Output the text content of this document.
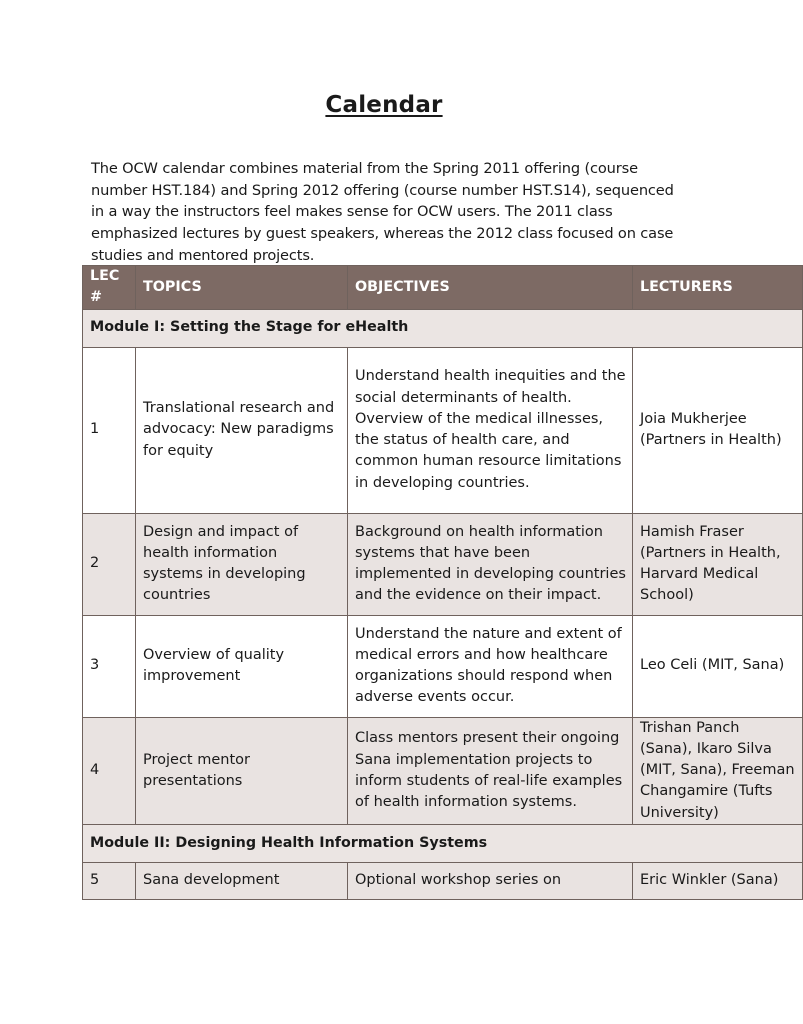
Calendar
The OCW calendar combines material from the Spring 2011 offering (course number HST.184) and Spring 2012 offering (course number HST.S14), sequenced in a way the instructors feel makes sense for OCW users. The 2011 class emphasized lectures by guest speakers, whereas the 2012 class focused on case studies and mentored projects.
LEC #	TOPICS	OBJECTIVES	LECTURERS
Module I: Setting the Stage for eHealth			
1	Translational research and advocacy: New paradigms for equity	Understand health inequities and the social determinants of health. Overview of the medical illnesses, the status of health care, and common human resource limitations in developing countries.	Joia Mukherjee (Partners in Health)
2	Design and impact of health information systems in developing countries	Background on health information systems that have been implemented in developing countries and the evidence on their impact.	Hamish Fraser (Partners in Health, Harvard Medical School)
3	Overview of quality improvement	Understand the nature and extent of medical errors and how healthcare organizations should respond when adverse events occur.	Leo Celi (MIT, Sana)
4	Project mentor presentations	Class mentors present their ongoing Sana implementation projects to inform students of real-life examples of health information systems.	Trishan Panch (Sana), Ikaro Silva (MIT, Sana), Freeman Changamire (Tufts University)
Module II: Designing Health Information Systems			
5	Sana development	Optional workshop series on	Eric Winkler (Sana)
